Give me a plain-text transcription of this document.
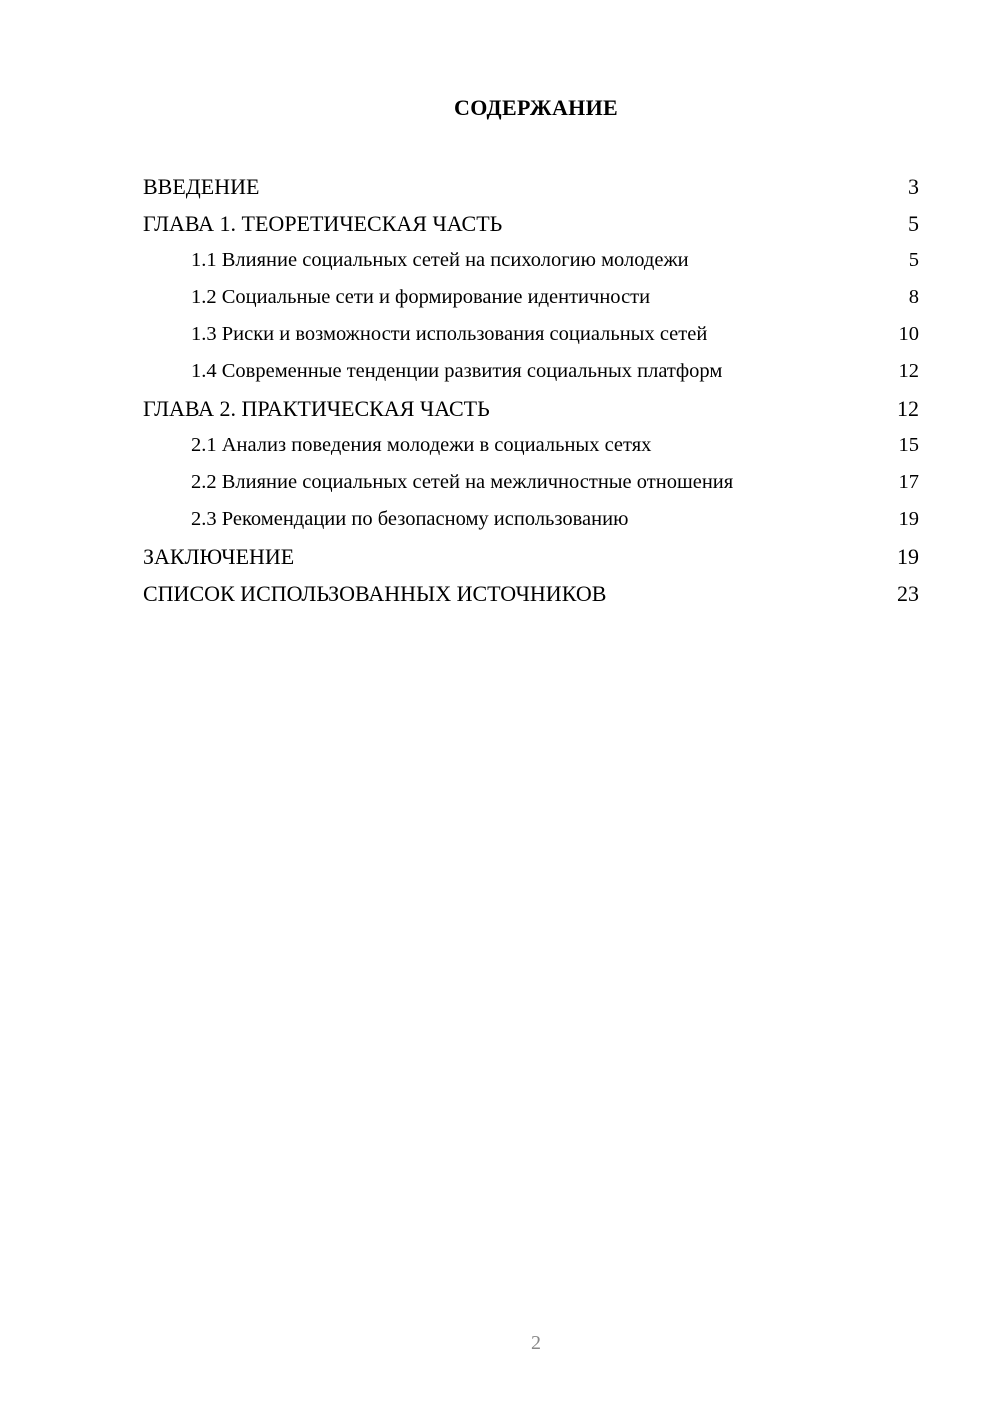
СОДЕРЖАНИЕ
ВВЕДЕНИЕ	3
ГЛАВА 1. ТЕОРЕТИЧЕСКАЯ ЧАСТЬ	5
1.1 Влияние социальных сетей на психологию молодежи	5
1.2 Социальные сети и формирование идентичности	8
1.3 Риски и возможности использования социальных сетей	10
1.4 Современные тенденции развития социальных платформ	12
ГЛАВА 2. ПРАКТИЧЕСКАЯ ЧАСТЬ	12
2.1 Анализ поведения молодежи в социальных сетях	15
2.2 Влияние социальных сетей на межличностные отношения	17
2.3 Рекомендации по безопасному использованию	19
ЗАКЛЮЧЕНИЕ	19
СПИСОК ИСПОЛЬЗОВАННЫХ ИСТОЧНИКОВ	23
2
